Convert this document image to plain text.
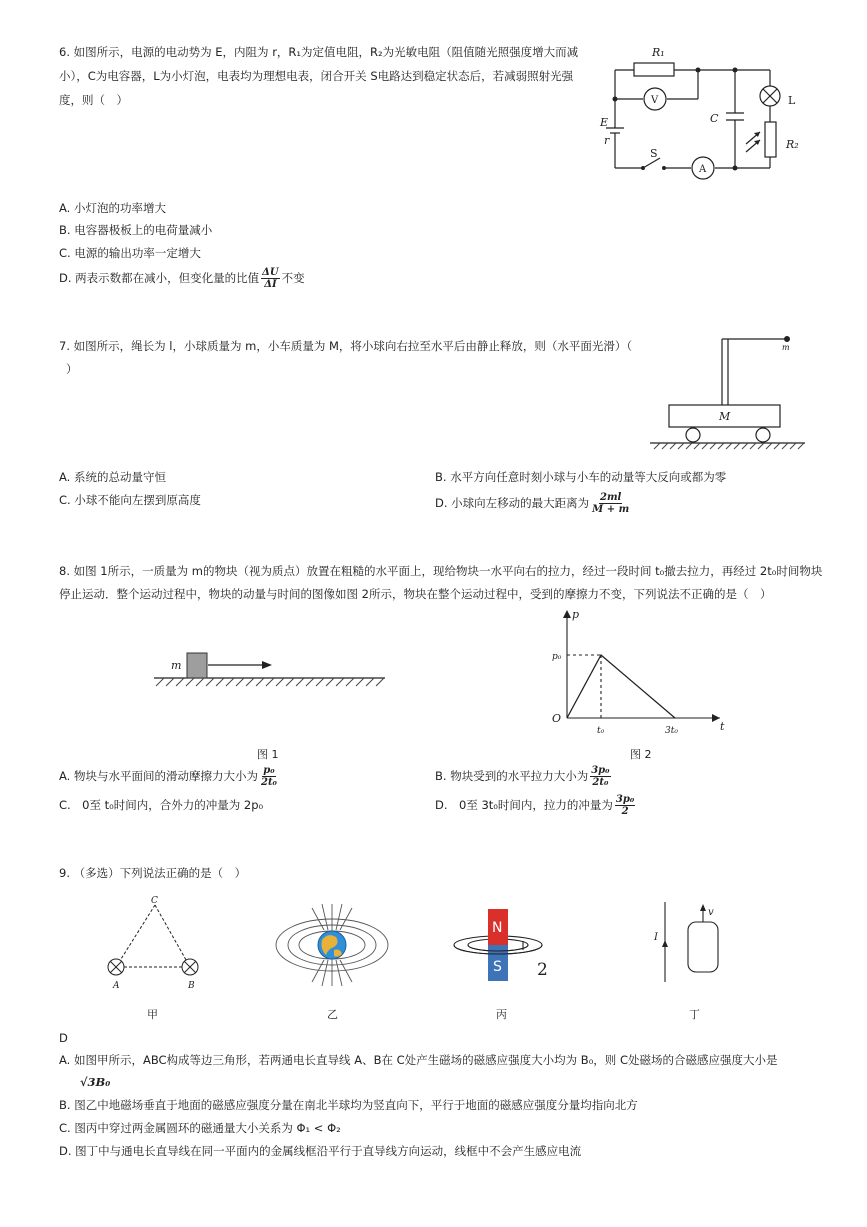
6. 如图所示，电源的电动势为 E，内阻为 r，R₁为定值电阻，R₂为光敏电阻（阻值随光照强度增大而减
小），C为电容器，L为小灯泡，电表均为理想电表，闭合开关 S电路达到稳定状态后，若减弱照射光强
度，则（　）
R₁
V	L
C
E
r
S
A
R₂
A. 小灯泡的功率增大
B. 电容器极板上的电荷量减小
C. 电源的输出功率一定增大
D. 两表示数都在减小，但变化量的比值 $\frac{\Delta U}{\Delta I}$ 不变
7. 如图所示，绳长为 l，小球质量为 m，小车质量为 M，将小球向右拉至水平后由静止释放，则（水平面光滑）（
）
m
M
A. 系统的总动量守恒	B. 水平方向任意时刻小球与小车的动量等大反向或都为零
C. 小球不能向左摆到原高度	D. 小球向左移动的最大距离为 $\frac{2ml}{M + m}$
8. 如图 1所示，一质量为 m的物块（视为质点）放置在粗糙的水平面上，现给物块一水平向右的拉力，经过一段时间 t₀撤去拉力，再经过 2t₀时间物块
停止运动．整个运动过程中，物块的动量与时间的图像如图 2所示，物块在整个运动过程中，受到的摩擦力不变，下列说法不正确的是（　）
m
图 1
p
p₀
O
t₀	3t₀	t
图 2
A. 物块与水平面间的滑动摩擦力大小为 $\frac{\text{p₀}}{\text{2t₀}}$	B. 物块受到的水平拉力大小为 $\frac{\text{3p₀}}{\text{2t₀}}$
C.　0至 t₀时间内，合外力的冲量为 2p₀	D.　0至 3t₀时间内，拉力的冲量为 $\frac{\text{3p₀}}{2}$
9. （多选）下列说法正确的是（　）
C
A	B
N
S 2
I
v
甲	乙	丙	丁
D
A. 如图甲所示，ABC构成等边三角形，若两通电长直导线 A、B在 C处产生磁场的磁感应强度大小均为 B₀，则 C处磁场的合磁感应强度大小是
√3B₀
B. 图乙中地磁场垂直于地面的磁感应强度分量在南北半球均为竖直向下，平行于地面的磁感应强度分量均指向北方
C. 图丙中穿过两金属圆环的磁通量大小关系为 Φ₁ < Φ₂
D. 图丁中与通电长直导线在同一平面内的金属线框沿平行于直导线方向运动，线框中不会产生感应电流
